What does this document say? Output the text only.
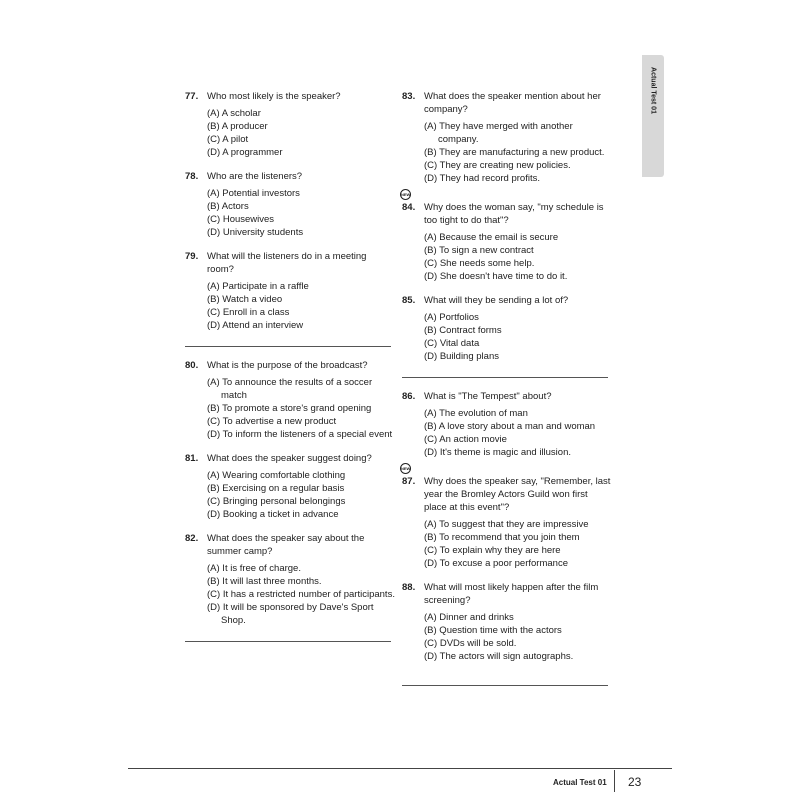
Actual Test 01
77. Who most likely is the speaker?
(A) A scholar
(B) A producer
(C) A pilot
(D) A programmer
78. Who are the listeners?
(A) Potential investors
(B) Actors
(C) Housewives
(D) University students
79. What will the listeners do in a meeting room?
(A) Participate in a raffle
(B) Watch a video
(C) Enroll in a class
(D) Attend an interview
80. What is the purpose of the broadcast?
(A) To announce the results of a soccer match
(B) To promote a store's grand opening
(C) To advertise a new product
(D) To inform the listeners of a special event
81. What does the speaker suggest doing?
(A) Wearing comfortable clothing
(B) Exercising on a regular basis
(C) Bringing personal belongings
(D) Booking a ticket in advance
82. What does the speaker say about the summer camp?
(A) It is free of charge.
(B) It will last three months.
(C) It has a restricted number of participants.
(D) It will be sponsored by Dave's Sport Shop.
83. What does the speaker mention about her company?
(A) They have merged with another company.
(B) They are manufacturing a new product.
(C) They are creating new policies.
(D) They had record profits.
NEW
84. Why does the woman say, "my schedule is too tight to do that"?
(A) Because the email is secure
(B) To sign a new contract
(C) She needs some help.
(D) She doesn't have time to do it.
85. What will they be sending a lot of?
(A) Portfolios
(B) Contract forms
(C) Vital data
(D) Building plans
86. What is "The Tempest" about?
(A) The evolution of man
(B) A love story about a man and woman
(C) An action movie
(D) It's theme is magic and illusion.
NEW
87. Why does the speaker say, "Remember, last year the Bromley Actors Guild won first place at this event"?
(A) To suggest that they are impressive
(B) To recommend that you join them
(C) To explain why they are here
(D) To excuse a poor performance
88. What will most likely happen after the film screening?
(A) Dinner and drinks
(B) Question time with the actors
(C) DVDs will be sold.
(D) The actors will sign autographs.
Actual Test 01 23
